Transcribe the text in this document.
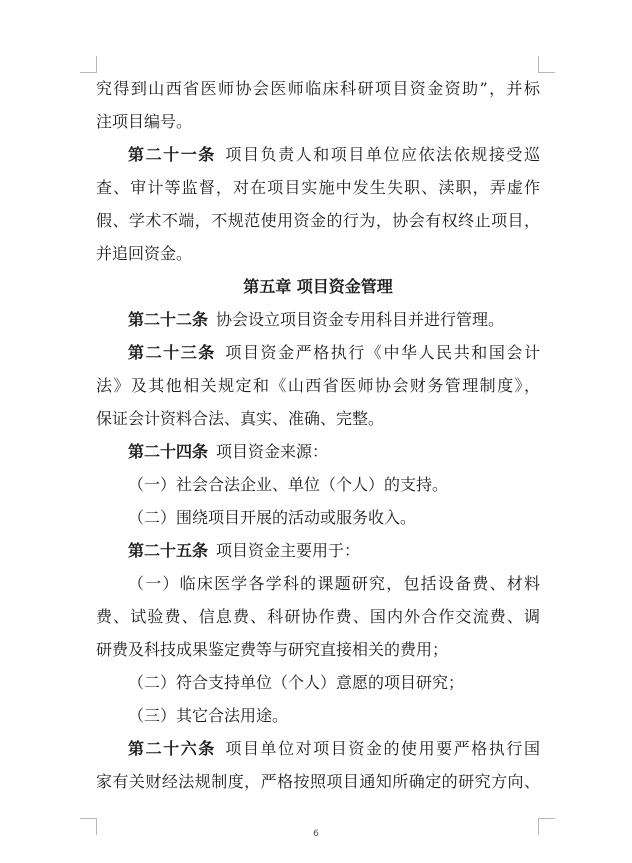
究得到山西省医师协会医师临床科研项目资金资助”，并标
注项目编号。
第二十一条 项目负责人和项目单位应依法依规接受巡
查、审计等监督，对在项目实施中发生失职、渎职，弄虚作
假、学术不端，不规范使用资金的行为，协会有权终止项目，
并追回资金。
第五章 项目资金管理
第二十二条 协会设立项目资金专用科目并进行管理。
第二十三条 项目资金严格执行《中华人民共和国会计
法》及其他相关规定和《山西省医师协会财务管理制度》，
保证会计资料合法、真实、准确、完整。
第二十四条 项目资金来源：
（一）社会合法企业、单位（个人）的支持。
（二）围绕项目开展的活动或服务收入。
第二十五条 项目资金主要用于：
（一）临床医学各学科的课题研究，包括设备费、材料
费、试验费、信息费、科研协作费、国内外合作交流费、调
研费及科技成果鉴定费等与研究直接相关的费用；
（二）符合支持单位（个人）意愿的项目研究；
（三）其它合法用途。
第二十六条 项目单位对项目资金的使用要严格执行国
家有关财经法规制度，严格按照项目通知所确定的研究方向、
6
